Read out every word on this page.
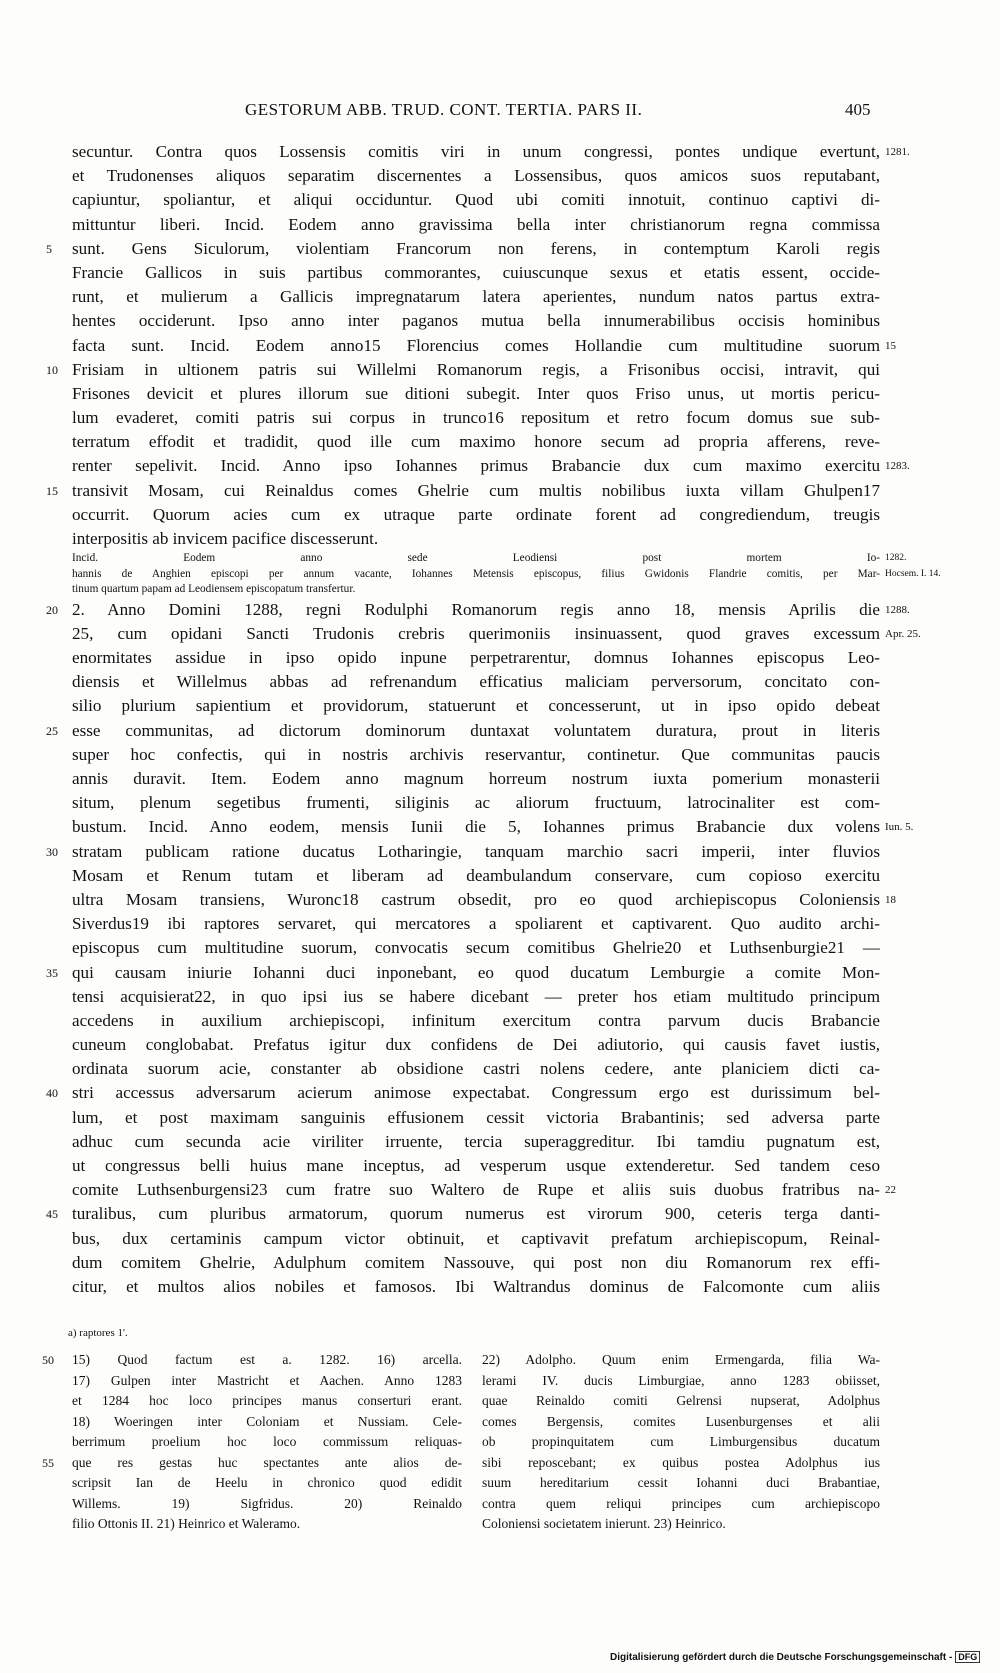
GESTORUM ABB. TRUD. CONT. TERTIA. PARS II.	405
secuntur. Contra quos Lossensis comitis viri in unum congressi, pontes undique evertunt, 1281.
et Trudonenses aliquos separatim discernentes a Lossensibus, quos amicos suos reputabant,
capiuntur, spoliantur, et aliqui occiduntur. Quod ubi comiti innotuit, continuo captivi di-
mittuntur liberi. Incid. Eodem anno gravissima bella inter christianorum regna commissa
5	sunt. Gens Siculorum, violentiam Francorum non ferens, in contemptum Karoli regis
Francie Gallicos in suis partibus commorantes, cuiuscunque sexus et etatis essent, occide-
runt, et mulierum a Gallicis impregnatarum latera aperientes, nundum natos partus extra-
hentes occiderunt. Ipso anno inter paganos mutua bella innumerabilibus occisis hominibus
facta sunt. Incid. Eodem anno15 Florencius comes Hollandie cum multitudine suorum 15
10 Frisiam in ultionem patris sui Willelmi Romanorum regis, a Frisonibus occisi, intravit, qui
Frisones devicit et plures illorum sue ditioni subegit. Inter quos Friso unus, ut mortis pericu-
lum evaderet, comiti patris sui corpus in trunco16 repositum et retro focum domus sue sub-
terratum effodit et tradidit, quod ille cum maximo honore secum ad propria afferens, reve-
renter sepelivit. Incid. Anno ipso Iohannes primus Brabancie dux cum maximo exercitu 1283.
15 transivit Mosam, cui Reinaldus comes Ghelrie cum multis nobilibus iuxta villam Ghulpen17
occurrit. Quorum acies cum ex utraque parte ordinate forent ad congrediendum, treugis
interpositis ab invicem pacifice discesserunt.
Incid. Eodem anno sede Leodiensi post mortem Io- 1282.
hannis de Anghien episcopi per annum vacante, Iohannes Metensis episcopus, filius Gwidonis Flandrie comitis, per Mar- Hocsem. I. 14.
tinum quartum papam ad Leodiensem episcopatum transfertur.
20 2. Anno Domini 1288, regni Rodulphi Romanorum regis anno 18, mensis Aprilis die 1288.
25, cum opidani Sancti Trudonis crebris querimoniis insinuassent, quod graves excessum Apr. 25.
enormitates assidue in ipso opido inpune perpetrarentur, domnus Iohannes episcopus Leo-
diensis et Willelmus abbas ad refrenandum efficatius maliciam perversorum, concitato con-
silio plurium sapientium et providorum, statuerunt et concesserunt, ut in ipso opido debeat
25 esse communitas, ad dictorum dominorum duntaxat voluntatem duratura, prout in literis
super hoc confectis, qui in nostris archivis reservantur, continetur. Que communitas paucis
annis duravit. Item. Eodem anno magnum horreum nostrum iuxta pomerium monasterii
situm, plenum segetibus frumenti, siliginis ac aliorum fructuum, latrocinaliter est com-
bustum. Incid. Anno eodem, mensis Iunii die 5, Iohannes primus Brabancie dux volens Iun. 5.
30 stratam publicam ratione ducatus Lotharingie, tanquam marchio sacri imperii, inter fluvios
Mosam et Renum tutam et liberam ad deambulandum conservare, cum copioso exercitu
ultra Mosam transiens, Wuronc18 castrum obsedit, pro eo quod archiepiscopus Coloniensis 18
Siverdus19 ibi raptores servaret, qui mercatores a spoliarent et captivarent. Quo audito archi-
episcopus cum multitudine suorum, convocatis secum comitibus Ghelrie20 et Luthsenburgie21 —
35 qui causam iniurie Iohanni duci inponebant, eo quod ducatum Lemburgie a comite Mon-
tensi acquisierat22, in quo ipsi ius se habere dicebant — preter hos etiam multitudo principum
accedens in auxilium archiepiscopi, infinitum exercitum contra parvum ducis Brabancie
cuneum conglobabat. Prefatus igitur dux confidens de Dei adiutorio, qui causis favet iustis,
ordinata suorum acie, constanter ab obsidione castri nolens cedere, ante planiciem dicti ca-
40 stri accessus adversarum acierum animose expectabat. Congressum ergo est durissimum bel-
lum, et post maximam sanguinis effusionem cessit victoria Brabantinis; sed adversa parte
adhuc cum secunda acie viriliter irruente, tercia superaggreditur. Ibi tamdiu pugnatum est,
ut congressus belli huius mane inceptus, ad vesperum usque extenderetur. Sed tandem ceso
comite Luthsenburgensi23 cum fratre suo Waltero de Rupe et aliis suis duobus fratribus na- 22
45 turalibus, cum pluribus armatorum, quorum numerus est virorum 900, ceteris terga danti-
bus, dux certaminis campum victor obtinuit, et captivavit prefatum archiepiscopum, Reinal-
dum comitem Ghelrie, Adulphum comitem Nassouve, qui post non diu Romanorum rex effi-
citur, et multos alios nobiles et famosos. Ibi Waltrandus dominus de Falcomonte cum aliis
a) raptores 1'.
50	15) Quod factum est a. 1282. 16) arcella.
17) Gulpen inter Mastricht et Aachen. Anno 1283
et 1284 hoc loco principes manus conserturi erant.
18) Woeringen inter Coloniam et Nussiam. Cele-
berrimum proelium hoc loco commissum reliquas-
55	que res gestas huc spectantes ante alios de-
scripsit Ian de Heelu in chronico quod edidit
Willems. 19) Sigfridus. 20) Reinaldo
filio Ottonis II. 21) Heinrico et Waleramo.
22) Adolpho. Quum enim Ermengarda, filia Wa-
lerami IV. ducis Limburgiae, anno 1283 obiisset,
quae Reinaldo comiti Gelrensi nupserat, Adolphus
comes Bergensis, comites Lusenburgenses et alii
ob propinquitatem cum Limburgensibus ducatum
sibi reposcebant; ex quibus postea Adolphus ius
suum hereditarium cessit Iohanni duci Brabantiae,
contra quem reliqui principes cum archiepiscopo
Coloniensi societatem inierunt. 23) Heinrico.
Digitalisierung gefördert durch die Deutsche Forschungsgemeinschaft - DFG
